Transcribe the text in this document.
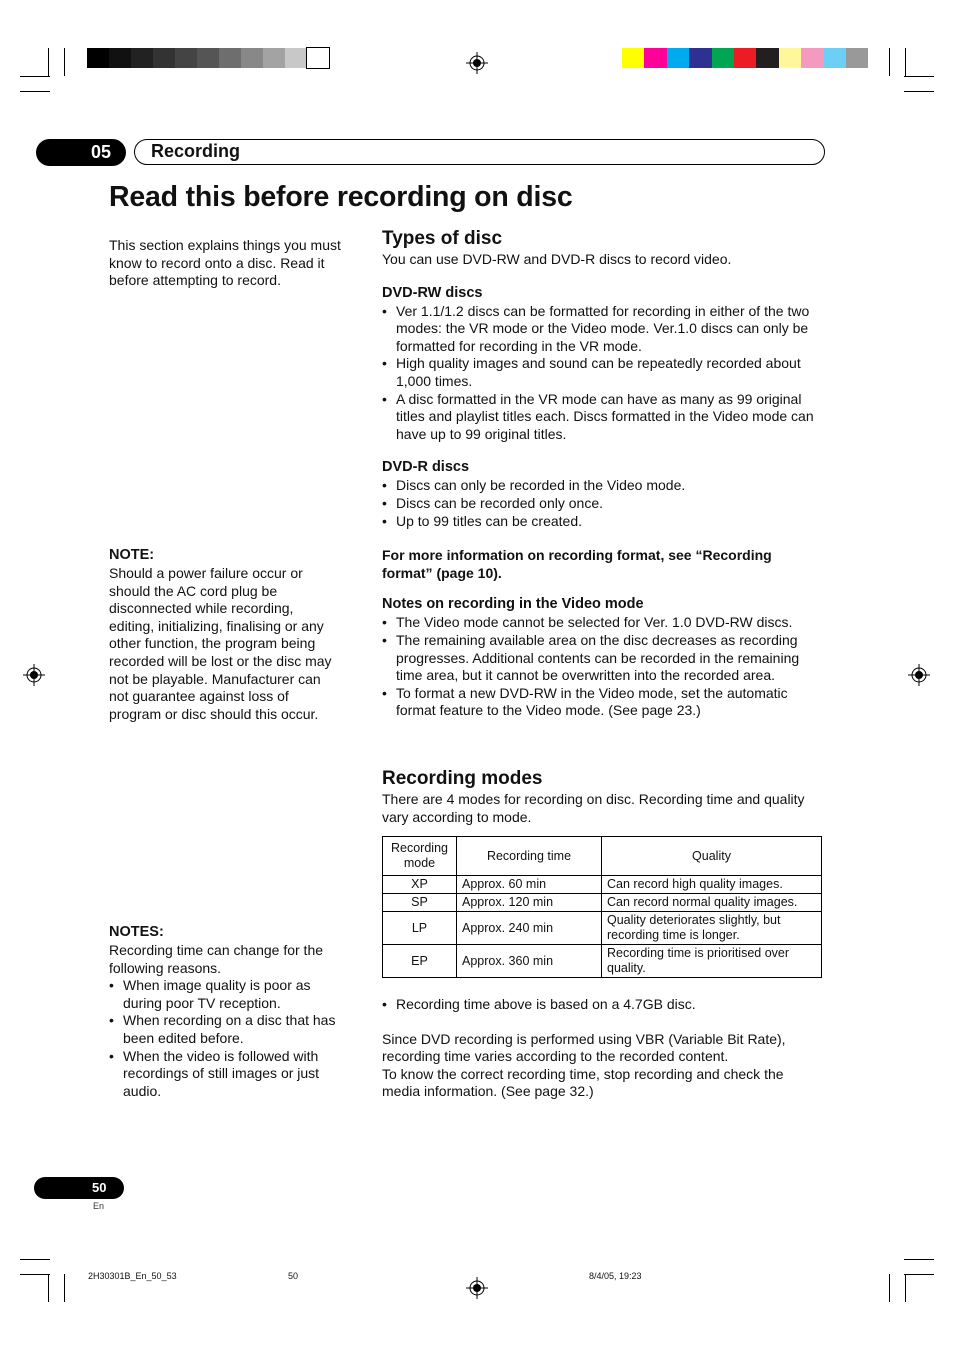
05 Recording
Read this before recording on disc

This section explains things you must know to record onto a disc. Read it before attempting to record.

NOTE:

Should a power failure occur or should the AC cord plug be disconnected while recording, editing, initializing, finalising or any other function, the program being recorded will be lost or the disc may not be playable. Manufacturer can not guarantee against loss of program or disc should this occur.

NOTES:

Recording time can change for the following reasons.

• When image quality is poor as during poor TV reception.
• When recording on a disc that has been edited before.
• When the video is followed with recordings of still images or just audio.
Types of disc

You can use DVD-RW and DVD-R discs to record video.

DVD-RW discs
• Ver 1.1/1.2 discs can be formatted for recording in either of the two modes: the VR mode or the Video mode. Ver.1.0 discs can only be formatted for recording in the VR mode.
• High quality images and sound can be repeatedly recorded about 1,000 times.
• A disc formatted in the VR mode can have as many as 99 original titles and playlist titles each. Discs formatted in the Video mode can have up to 99 original titles.
DVD-R discs
• Discs can only be recorded in the Video mode.
• Discs can be recorded only once.
• Up to 99 titles can be created.

For more information on recording format, see “Recording format” (page 10).

Notes on recording in the Video mode
• The Video mode cannot be selected for Ver. 1.0 DVD-RW discs.
• The remaining available area on the disc decreases as recording progresses. Additional contents can be recorded in the remaining time area, but it cannot be overwritten into the recorded area.
• To format a new DVD-RW in the Video mode, set the automatic format feature to the Video mode. (See page 23.)
Recording modes

There are 4 modes for recording on disc. Recording time and quality vary according to mode.

Recording mode	Recording time	Quality
XP	Approx. 60 min	Can record high quality images.
SP	Approx. 120 min	Can record normal quality images.
LP	Approx. 240 min	Quality deteriorates slightly, but recording time is longer.
EP	Approx. 360 min	Recording time is prioritised over quality.
• Recording time above is based on a 4.7GB disc.

Since DVD recording is performed using VBR (Variable Bit Rate), recording time varies according to the recorded content.

To know the correct recording time, stop recording and check the media information. (See page 32.)

50
En
2H30301B_En_50_53	50	8/4/05, 19:23
